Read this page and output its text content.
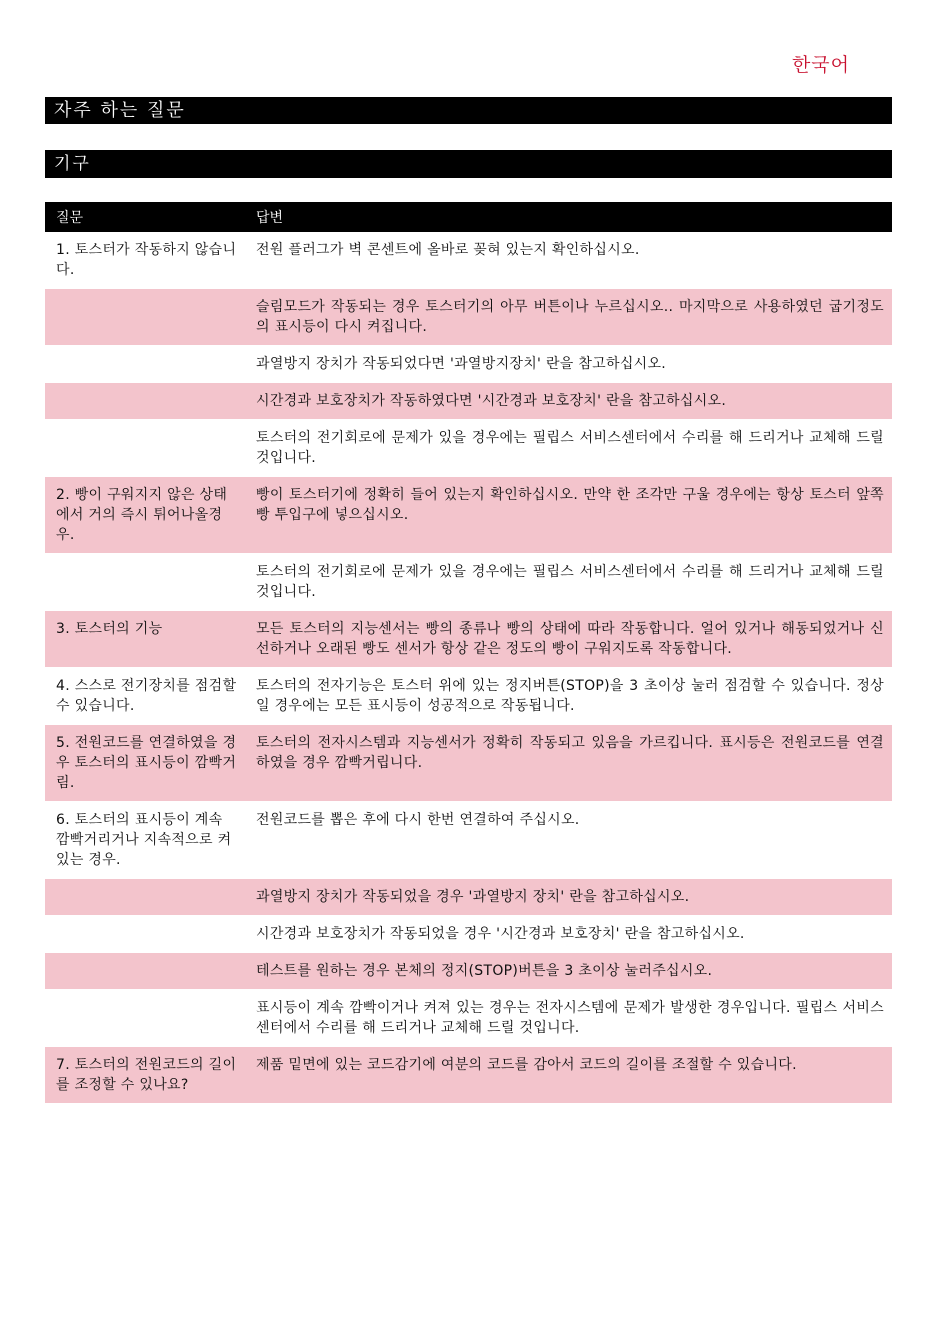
한국어
자주 하는 질문
기구
질문	답변
1. 토스터가 작동하지 않습니다.	전원 플러그가 벽 콘센트에 올바로 꽂혀 있는지 확인하십시오.
	슬림모드가 작동되는 경우 토스터기의 아무 버튼이나 누르십시오.. 마지막으로 사용하였던 굽기정도의 표시등이 다시 켜집니다.
	과열방지 장치가 작동되었다면 '과열방지장치' 란을 참고하십시오.
	시간경과 보호장치가 작동하였다면 '시간경과 보호장치' 란을 참고하십시오.
	토스터의 전기회로에 문제가 있을 경우에는 필립스 서비스센터에서 수리를 해 드리거나 교체해 드릴 것입니다.
2. 빵이 구워지지 않은 상태에서 거의 즉시 튀어나올경우.	빵이 토스터기에 정확히 들어 있는지 확인하십시오. 만약 한 조각만 구울 경우에는 항상 토스터 앞쪽 빵 투입구에 넣으십시오.
	토스터의 전기회로에 문제가 있을 경우에는 필립스 서비스센터에서 수리를 해 드리거나 교체해 드릴 것입니다.
3. 토스터의 기능	모든 토스터의 지능센서는 빵의 종류나 빵의 상태에 따라 작동합니다. 얼어 있거나 해동되었거나 신선하거나 오래된 빵도 센서가 항상 같은 정도의 빵이 구워지도록 작동합니다.
4. 스스로 전기장치를 점검할 수 있습니다.	토스터의 전자기능은 토스터 위에 있는 정지버튼(STOP)을 3 초이상 눌러 점검할 수 있습니다. 정상일 경우에는 모든 표시등이 성공적으로 작동됩니다.
5. 전원코드를 연결하였을 경우 토스터의 표시등이 깜빡거림.	토스터의 전자시스템과 지능센서가 정확히 작동되고 있음을 가르킵니다. 표시등은 전원코드를 연결하였을 경우 깜빡거립니다.
6. 토스터의 표시등이 계속 깜빡거리거나 지속적으로 켜있는 경우.	전원코드를 뽑은 후에 다시 한번 연결하여 주십시오.
	과열방지 장치가 작동되었을 경우 '과열방지 장치' 란을 참고하십시오.
	시간경과 보호장치가 작동되었을 경우 '시간경과 보호장치' 란을 참고하십시오.
	테스트를 원하는 경우 본체의 정지(STOP)버튼을 3 초이상 눌러주십시오.
	표시등이 계속 깜빡이거나 켜져 있는 경우는 전자시스템에 문제가 발생한 경우입니다. 필립스 서비스센터에서 수리를 해 드리거나 교체해 드릴 것입니다.
7. 토스터의 전원코드의 길이를 조정할 수 있나요?	제품 밑면에 있는 코드감기에 여분의 코드를 감아서 코드의 길이를 조절할 수 있습니다.
